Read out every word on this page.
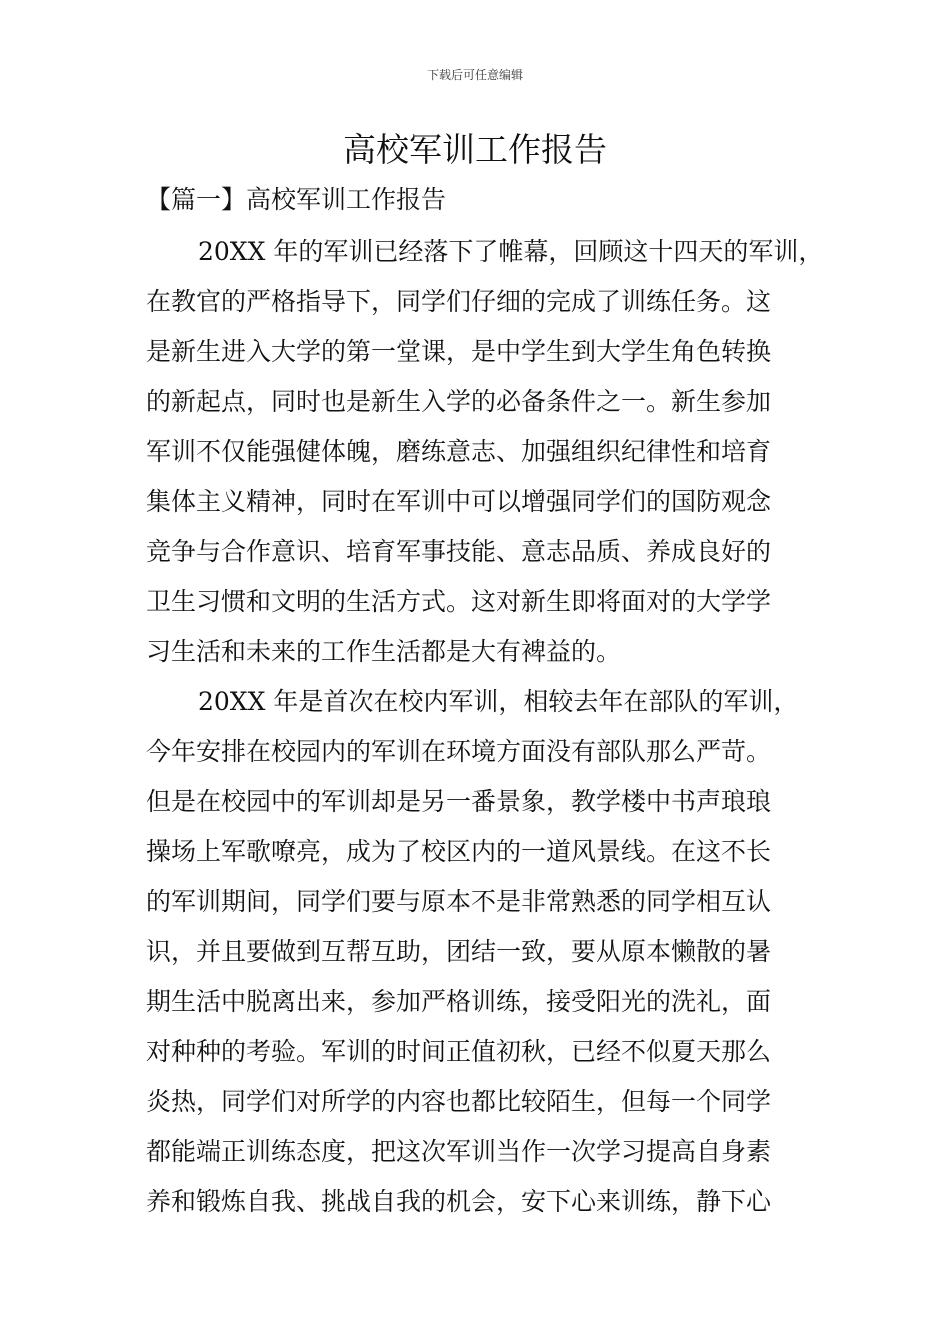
下载后可任意编辑
高校军训工作报告
【篇一】高校军训工作报告
20XX 年的军训已经落下了帷幕，回顾这十四天的军训，
在教官的严格指导下，同学们仔细的完成了训练任务。这
是新生进入大学的第一堂课，是中学生到大学生角色转换
的新起点，同时也是新生入学的必备条件之一。新生参加
军训不仅能强健体魄，磨练意志、加强组织纪律性和培育
集体主义精神，同时在军训中可以增强同学们的国防观念
竞争与合作意识、培育军事技能、意志品质、养成良好的
卫生习惯和文明的生活方式。这对新生即将面对的大学学
习生活和未来的工作生活都是大有裨益的。
20XX 年是首次在校内军训，相较去年在部队的军训，
今年安排在校园内的军训在环境方面没有部队那么严苛。
但是在校园中的军训却是另一番景象，教学楼中书声琅琅
操场上军歌嘹亮，成为了校区内的一道风景线。在这不长
的军训期间，同学们要与原本不是非常熟悉的同学相互认
识，并且要做到互帮互助，团结一致，要从原本懒散的暑
期生活中脱离出来，参加严格训练，接受阳光的洗礼，面
对种种的考验。军训的时间正值初秋，已经不似夏天那么
炎热，同学们对所学的内容也都比较陌生，但每一个同学
都能端正训练态度，把这次军训当作一次学习提高自身素
养和锻炼自我、挑战自我的机会，安下心来训练，静下心
